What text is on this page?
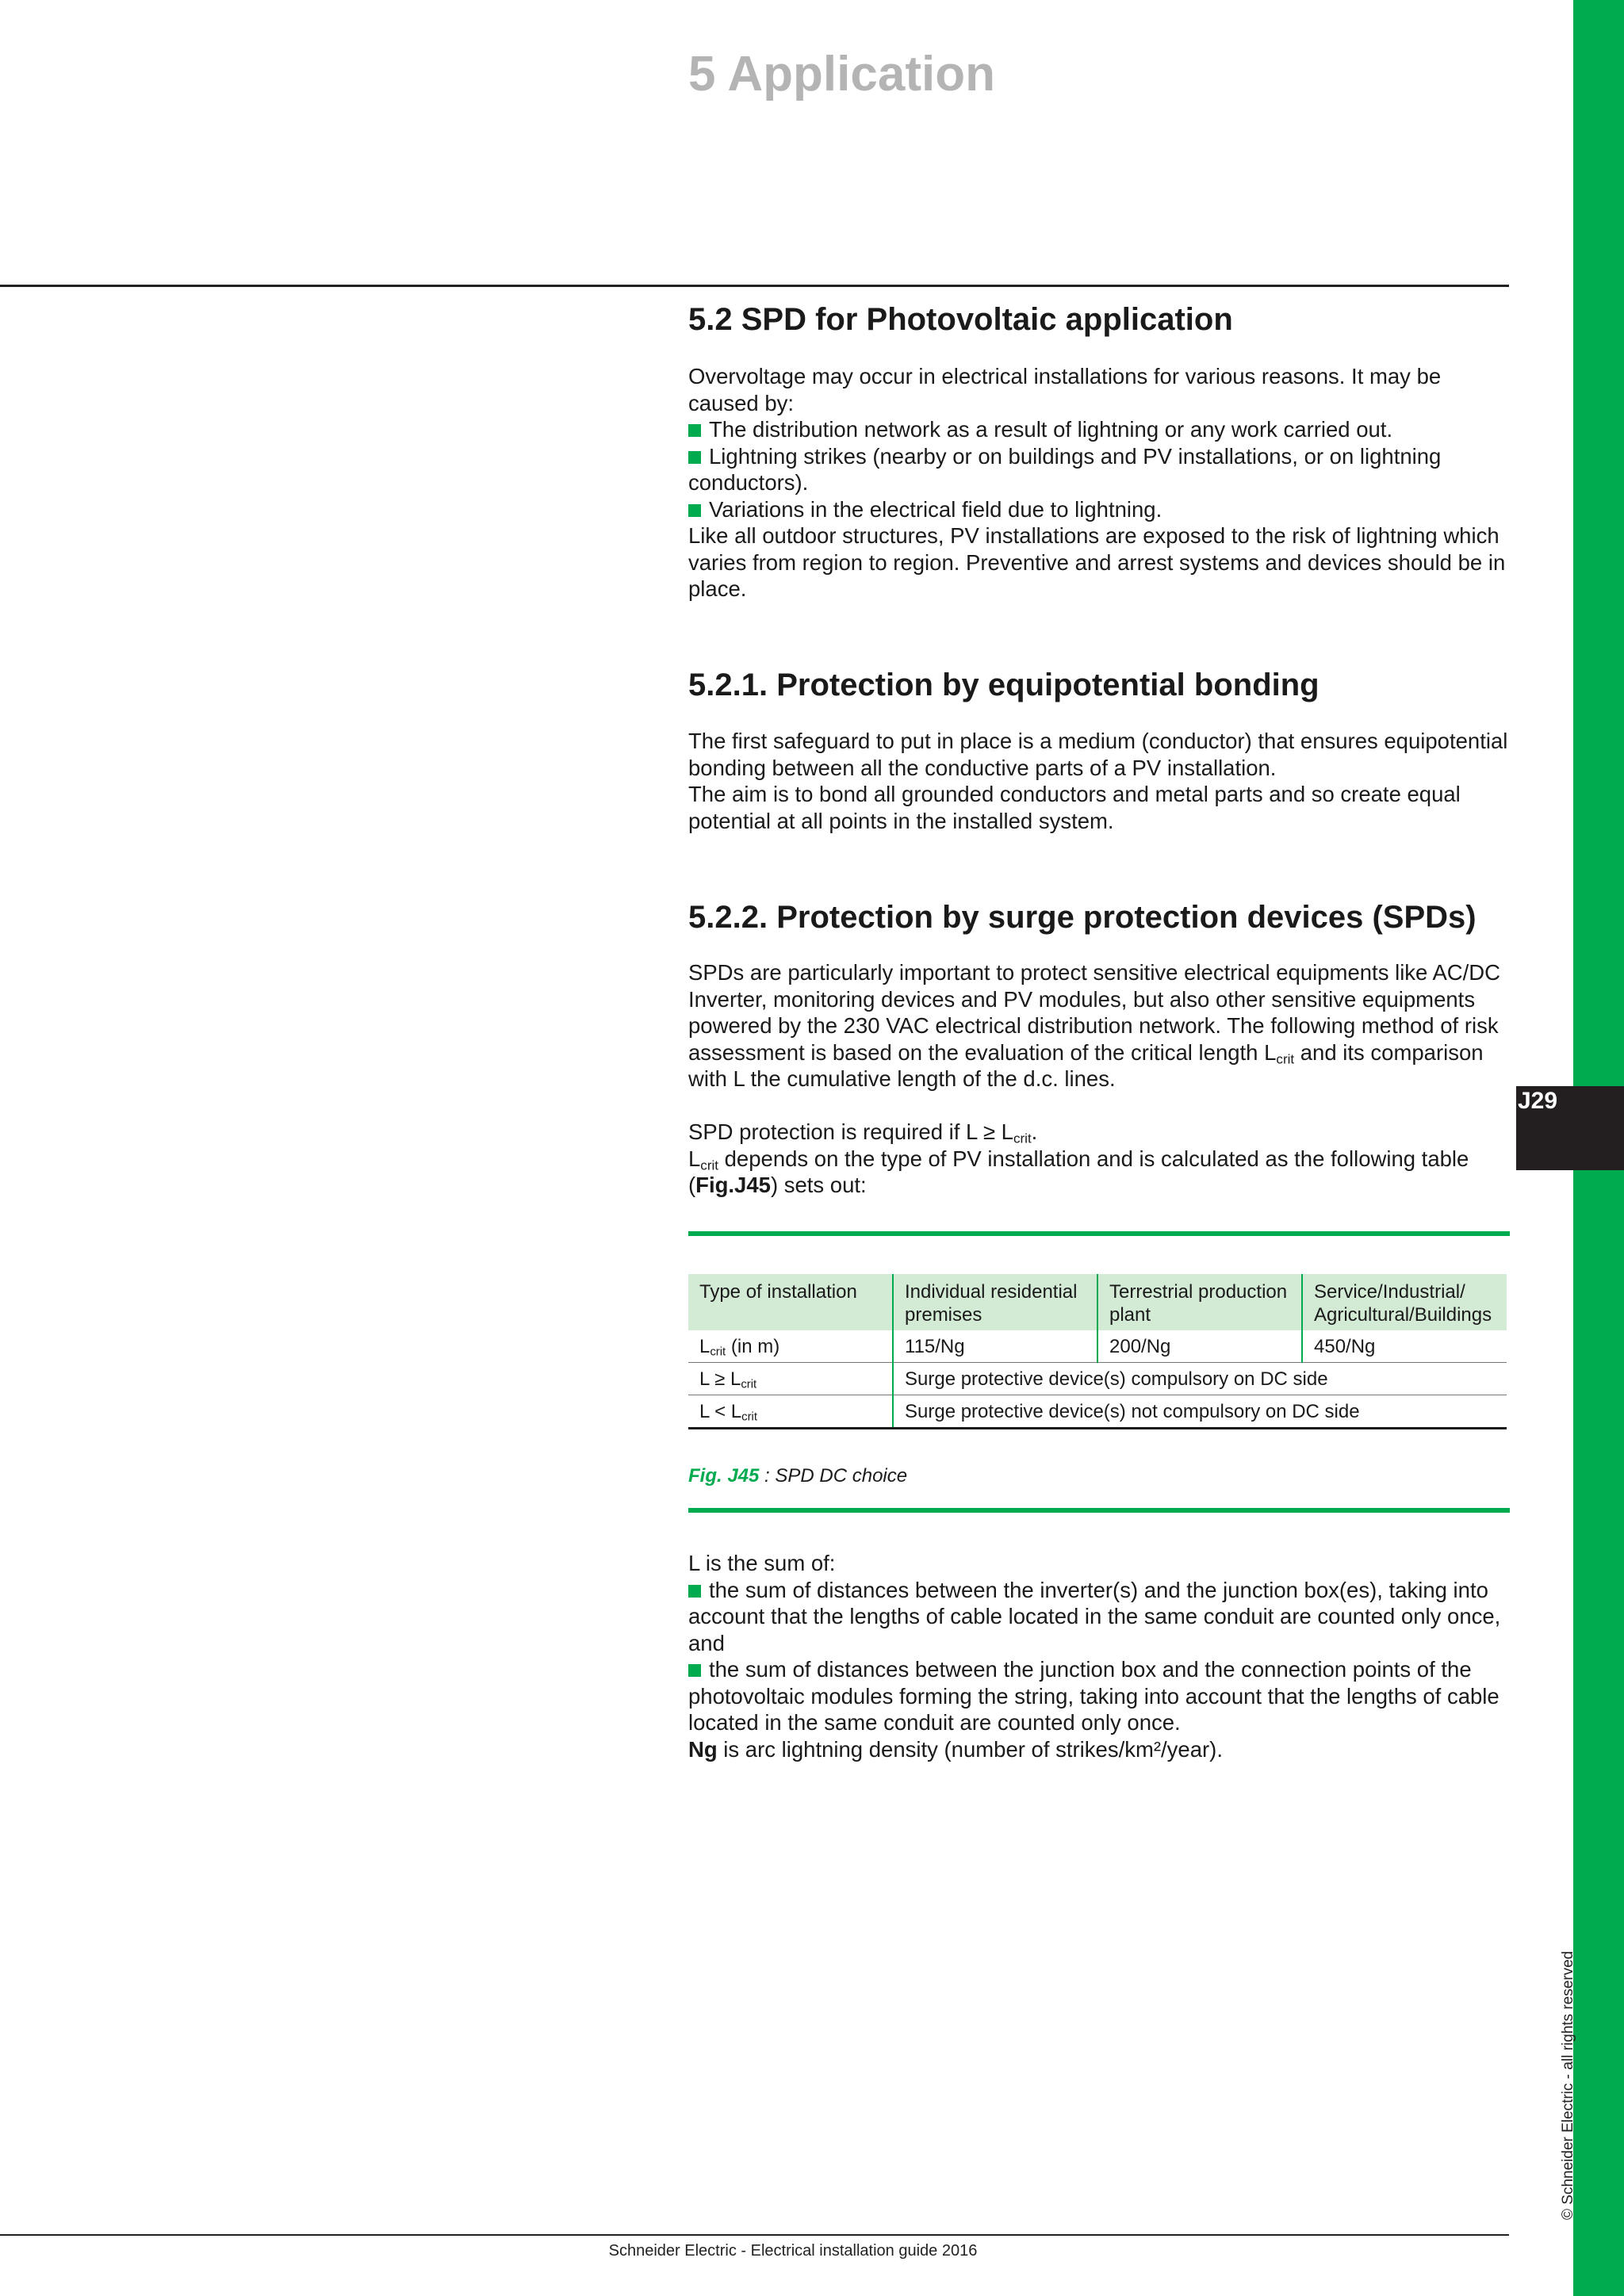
J29
© Schneider Electric - all rights reserved
5 Application
5.2 SPD for Photovoltaic application

Overvoltage may occur in electrical installations for various reasons. It may be caused by:

The distribution network as a result of lightning or any work carried out.

Lightning strikes (nearby or on buildings and PV installations, or on lightning conductors).

Variations in the electrical field due to lightning.

Like all outdoor structures, PV installations are exposed to the risk of lightning which varies from region to region. Preventive and arrest systems and devices should be in place.

5.2.1. Protection by equipotential bonding

The first safeguard to put in place is a medium (conductor) that ensures equipotential bonding between all the conductive parts of a PV installation.

The aim is to bond all grounded conductors and metal parts and so create equal potential at all points in the installed system.

5.2.2. Protection by surge protection devices (SPDs)

SPDs are particularly important to protect sensitive electrical equipments like AC/DC Inverter, monitoring devices and PV modules, but also other sensitive equipments powered by the 230 VAC electrical distribution network. The following method of risk assessment is based on the evaluation of the critical length $L_{crit}$ and its comparison with L the cumulative length of the d.c. lines.

SPD protection is required if $L \ge L_{crit}$.

$L_{crit}$ depends on the type of PV installation and is calculated as the following table (Fig.J45) sets out:

Type of installation	Individual residential premises	Terrestrial production plant	Service/Industrial/ Agricultural/Buildings
$L_{crit}$ (in m)	115/Ng	200/Ng	450/Ng
$L \ge L_{crit}$	Surge protective device(s) compulsory on DC side		
$L < L_{crit}$	Surge protective device(s) not compulsory on DC side		
Fig. J45 : SPD DC choice

L is the sum of:

the sum of distances between the inverter(s) and the junction box(es), taking into account that the lengths of cable located in the same conduit are counted only once, and

the sum of distances between the junction box and the connection points of the photovoltaic modules forming the string, taking into account that the lengths of cable located in the same conduit are counted only once.

Ng is arc lightning density (number of strikes/km²/year).

Schneider Electric - Electrical installation guide 2016
